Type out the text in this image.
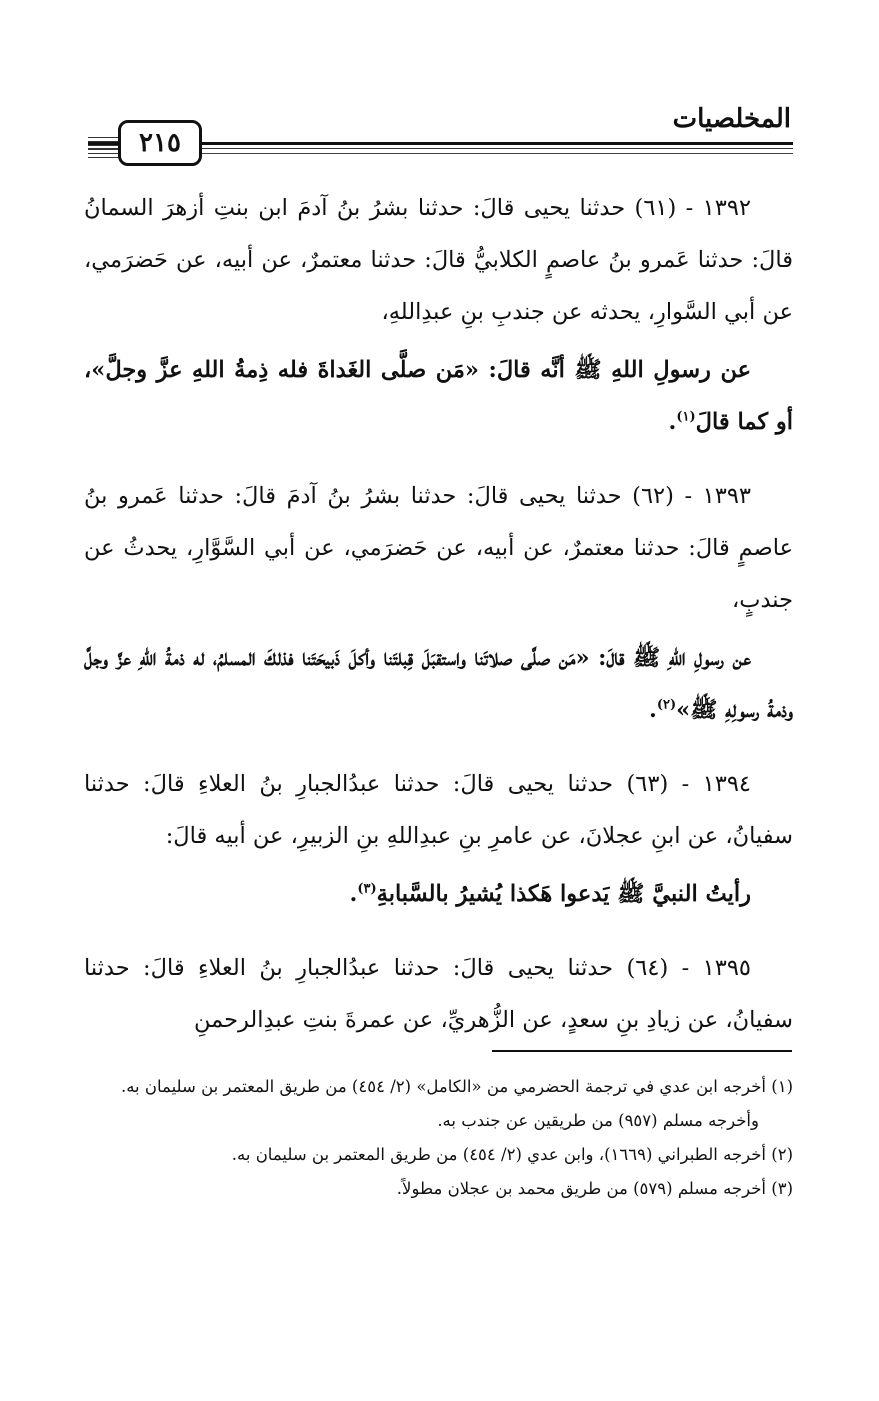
المخلصيات
٢١٥

١٣٩٢ - (٦١) حدثنا يحيى قالَ: حدثنا بشرُ بنُ آدمَ ابن بنتِ أزهرَ السمانُ قالَ: حدثنا عَمرو بنُ عاصمٍ الكلابيُّ قالَ: حدثنا معتمرٌ، عن أبيه، عن حَضرَمي، عن أبي السَّوارِ، يحدثه عن جندبِ بنِ عبدِاللهِ،

عن رسولِ اللهِ ﷺ أنَّه قالَ: «مَن صلَّى الغَداةَ فله ذِمةُ اللهِ عزَّ وجلَّ»، أو كما قالَ$^{(١)}$.

١٣٩٣ - (٦٢) حدثنا يحيى قالَ: حدثنا بشرُ بنُ آدمَ قالَ: حدثنا عَمرو بنُ عاصمٍ قالَ: حدثنا معتمرٌ، عن أبيه، عن حَضرَمي، عن أبي السَّوَّارِ، يحدثُ عن جندبٍ،

عن رسولِ اللهِ ﷺ قالَ: «مَن صلَّى صلاتَنا واستقبَلَ قِبلتَنا وأكلَ ذَبيحَتَنا فذلكَ المسلمُ، له ذمةُ اللهِ عزَّ وجلَّ وذمةُ رسولِهِ ﷺ»$^{(٢)}$.

١٣٩٤ - (٦٣) حدثنا يحيى قالَ: حدثنا عبدُالجبارِ بنُ العلاءِ قالَ: حدثنا سفيانُ، عن ابنِ عجلانَ، عن عامرِ بنِ عبدِاللهِ بنِ الزبيرِ، عن أبيه قالَ:

رأيتُ النبيَّ ﷺ يَدعوا هَكذا يُشيرُ بالسَّبابةِ$^{(٣)}$.

١٣٩٥ - (٦٤) حدثنا يحيى قالَ: حدثنا عبدُالجبارِ بنُ العلاءِ قالَ: حدثنا سفيانُ، عن زيادِ بنِ سعدٍ، عن الزُّهريِّ، عن عمرةَ بنتِ عبدِالرحمنِ

(١) أخرجه ابن عدي في ترجمة الحضرمي من «الكامل» (٢/ ٤٥٤) من طريق المعتمر بن سليمان به.

وأخرجه مسلم (٩٥٧) من طريقين عن جندب به.

(٢) أخرجه الطبراني (١٦٦٩)، وابن عدي (٢/ ٤٥٤) من طريق المعتمر بن سليمان به.

(٣) أخرجه مسلم (٥٧٩) من طريق محمد بن عجلان مطولاً.
